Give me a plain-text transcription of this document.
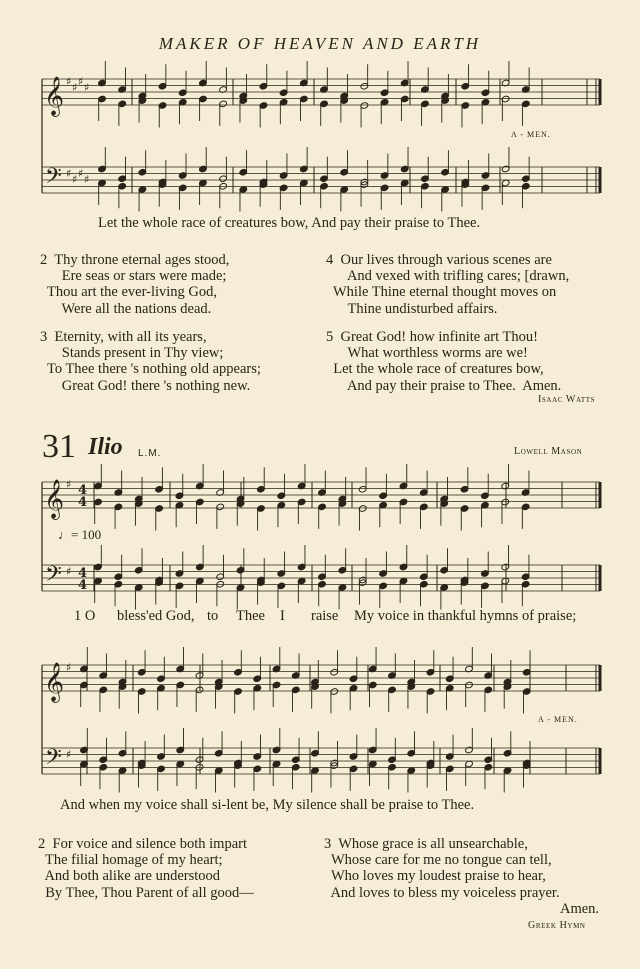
MAKER OF HEAVEN AND EARTH
𝄞
𝄢
♯ ♯ ♯ ♯
♯ ♯ ♯ ♯
𝄞
𝄢
♯
♯
4
4
4
4
𝄞
𝄢
♯
♯
A - MEN.
Let the whole race of creatures bow, And pay their praise to Thee.
2  Thy throne eternal ages stood,
Ere seas or stars were made;
Thou art the ever-living God,
Were all the nations dead.
3  Eternity, with all its years,
Stands present in Thy view;
To Thee there 's nothing old appears;
Great God! there 's nothing new.
4  Our lives through various scenes are
And vexed with trifling cares; [drawn,
While Thine eternal thought moves on
Thine undisturbed affairs.
5  Great God! how infinite art Thou!
What worthless worms are we!
Let the whole race of creatures bow,
And pay their praise to Thee.  Amen.
Isaac Watts
31 Ilio L.M.	Lowell Mason
♩= 100
1 O bless'ed God, to Thee I raise My voice in thankful hymns of praise;
A - MEN.
And when my voice shall si-lent be, My silence shall be praise to Thee.
2  For voice and silence both impart
The filial homage of my heart;
And both alike are understood
By Thee, Thou Parent of all good—
3  Whose grace is all unsearchable,
Whose care for me no tongue can tell,
Who loves my loudest praise to hear,
And loves to bless my voiceless prayer.
Amen.
Greek Hymn
